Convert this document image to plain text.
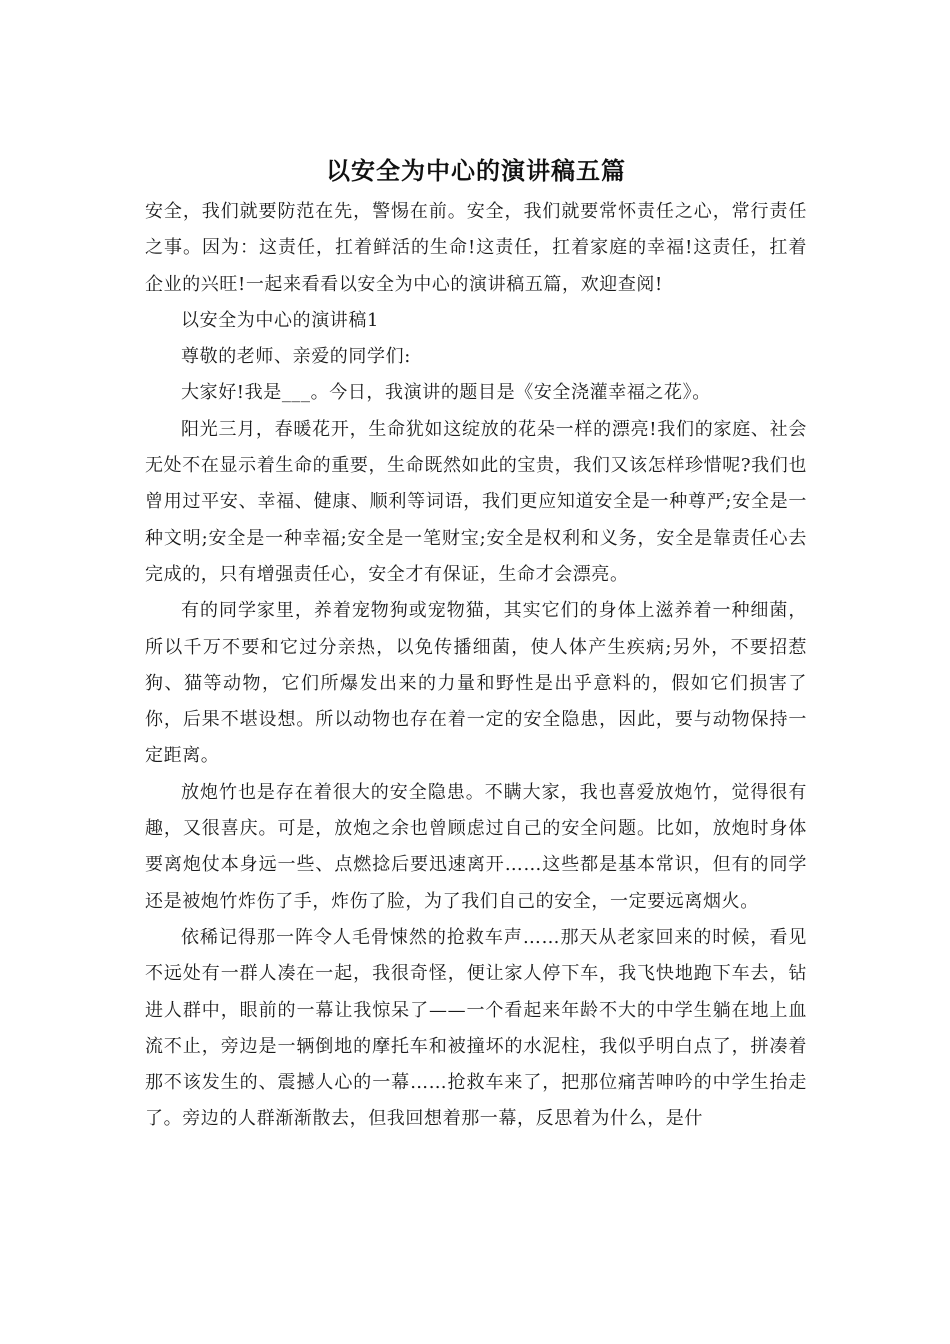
以安全为中心的演讲稿五篇

安全，我们就要防范在先，警惕在前。安全，我们就要常怀责任之心，常行责任之事。因为：这责任，扛着鲜活的生命!这责任，扛着家庭的幸福!这责任，扛着企业的兴旺!一起来看看以安全为中心的演讲稿五篇，欢迎查阅!

以安全为中心的演讲稿1

尊敬的老师、亲爱的同学们:

大家好!我是___。今日，我演讲的题目是《安全浇灌幸福之花》。

阳光三月，春暖花开，生命犹如这绽放的花朵一样的漂亮!我们的家庭、社会无处不在显示着生命的重要，生命既然如此的宝贵，我们又该怎样珍惜呢?我们也曾用过平安、幸福、健康、顺利等词语，我们更应知道安全是一种尊严;安全是一种文明;安全是一种幸福;安全是一笔财宝;安全是权利和义务，安全是靠责任心去完成的，只有增强责任心，安全才有保证，生命才会漂亮。

有的同学家里，养着宠物狗或宠物猫，其实它们的身体上滋养着一种细菌，所以千万不要和它过分亲热，以免传播细菌，使人体产生疾病;另外，不要招惹狗、猫等动物，它们所爆发出来的力量和野性是出乎意料的，假如它们损害了你，后果不堪设想。所以动物也存在着一定的安全隐患，因此，要与动物保持一定距离。

放炮竹也是存在着很大的安全隐患。不瞒大家，我也喜爱放炮竹，觉得很有趣，又很喜庆。可是，放炮之余也曾顾虑过自己的安全问题。比如，放炮时身体要离炮仗本身远一些、点燃捻后要迅速离开……这些都是基本常识，但有的同学还是被炮竹炸伤了手，炸伤了脸，为了我们自己的安全，一定要远离烟火。

依稀记得那一阵令人毛骨悚然的抢救车声……那天从老家回来的时候，看见不远处有一群人凑在一起，我很奇怪，便让家人停下车，我飞快地跑下车去，钻进人群中，眼前的一幕让我惊呆了——一个看起来年龄不大的中学生躺在地上血流不止，旁边是一辆倒地的摩托车和被撞坏的水泥柱，我似乎明白点了，拼凑着那不该发生的、震撼人心的一幕……抢救车来了，把那位痛苦呻吟的中学生抬走了。旁边的人群渐渐散去，但我回想着那一幕，反思着为什么，是什
